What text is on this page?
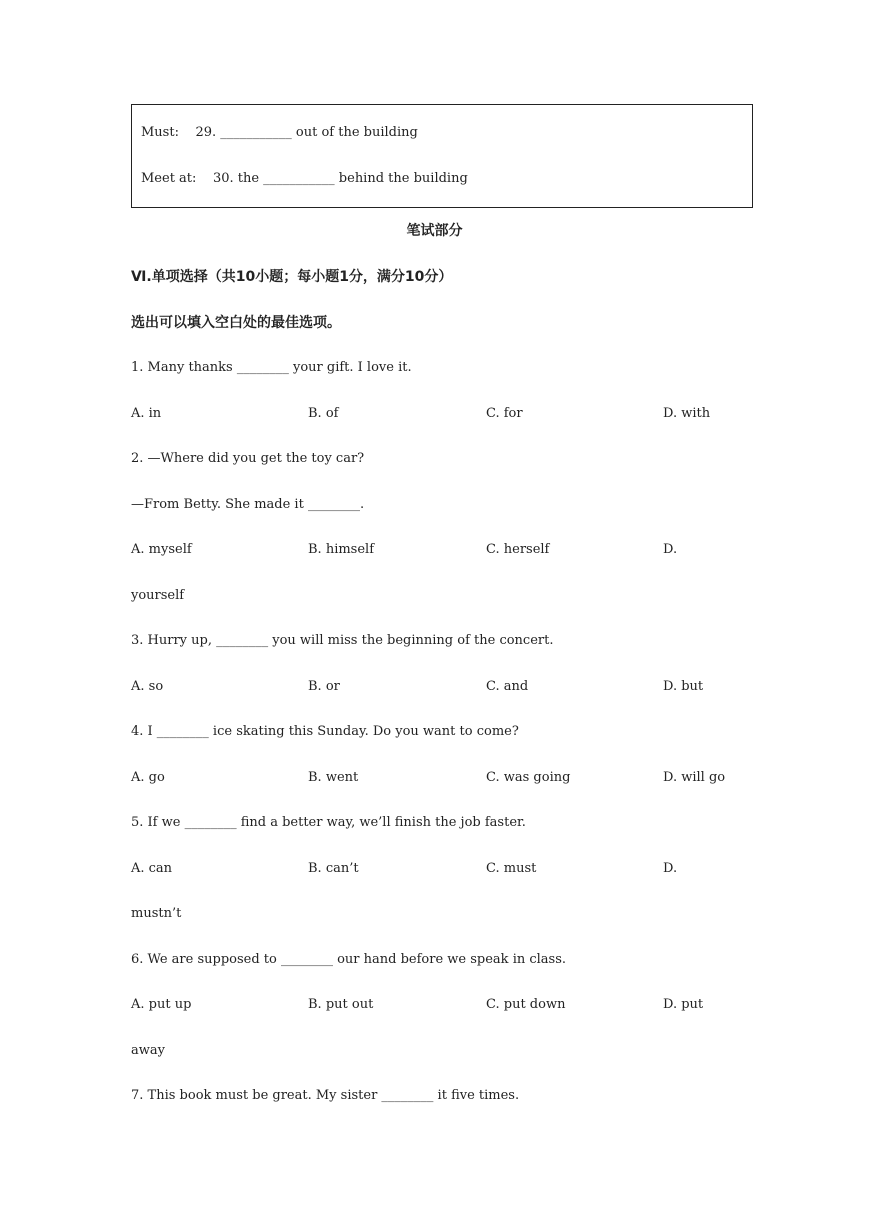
Must:    29. ___________ out of the building
Meet at:    30. the ___________ behind the building
笔试部分
Ⅵ.单项选择（共10小题；每小题1分，满分10分）
选出可以填入空白处的最佳选项。
1. Many thanks ________ your gift. I love it.
A. in	B. of	C. for	D. with
2. —Where did you get the toy car?
—From Betty. She made it ________.
A. myself	B. himself	C. herself	D.
yourself
3. Hurry up, ________ you will miss the beginning of the concert.
A. so	B. or	C. and	D. but
4. I ________ ice skating this Sunday. Do you want to come?
A. go	B. went	C. was going	D. will go
5. If we ________ find a better way, we’ll finish the job faster.
A. can	B. can’t	C. must	D.
mustn’t
6. We are supposed to ________ our hand before we speak in class.
A. put up	B. put out	C. put down	D. put
away
7. This book must be great. My sister ________ it five times.
